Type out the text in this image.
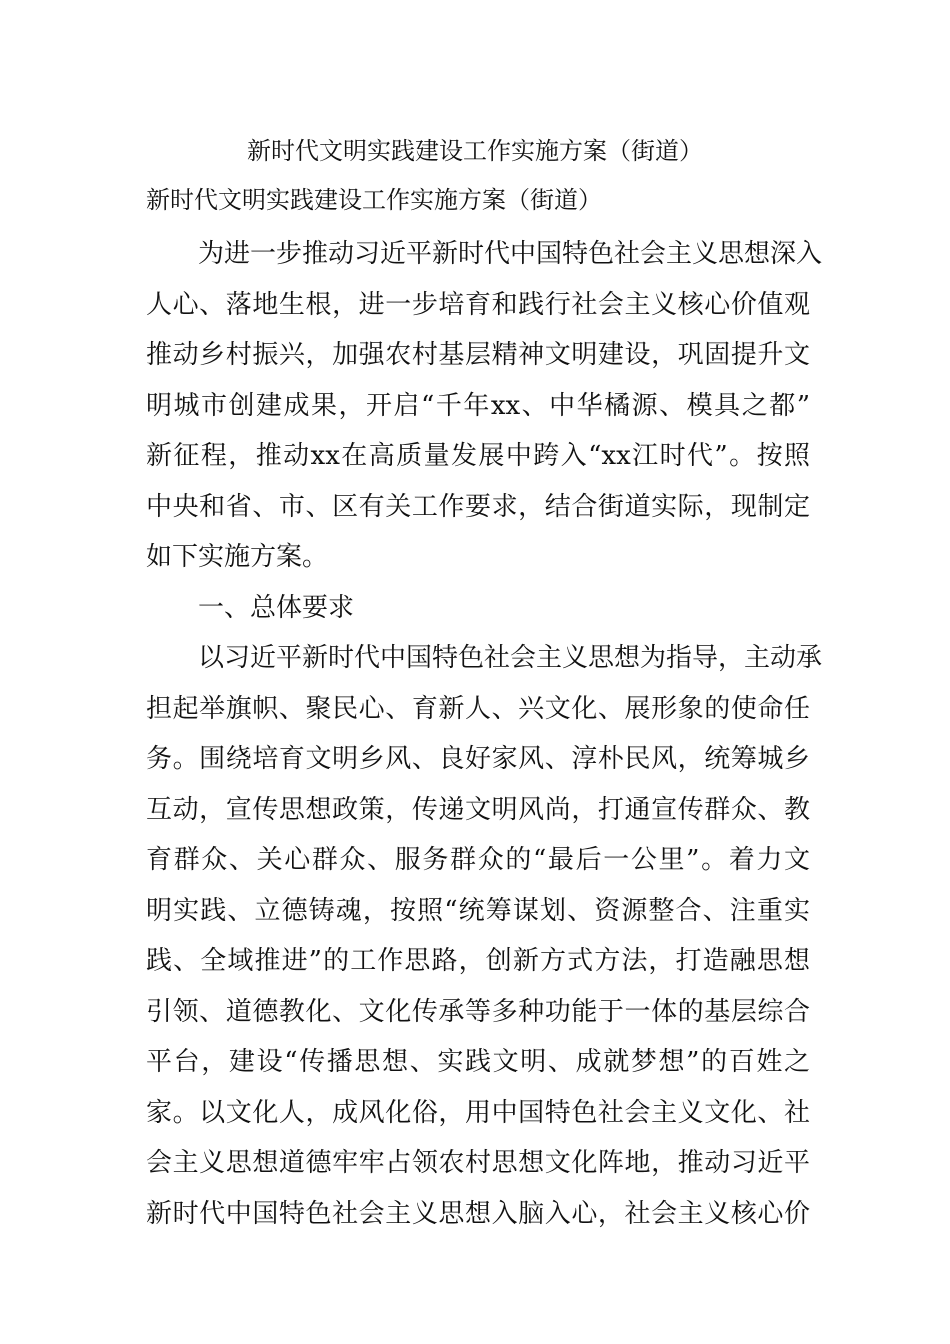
新时代文明实践建设工作实施方案（街道）
新时代文明实践建设工作实施方案（街道）
为进一步推动习近平新时代中国特色社会主义思想深入
人心、落地生根，进一步培育和践行社会主义核心价值观
推动乡村振兴，加强农村基层精神文明建设，巩固提升文
明城市创建成果，开启“千年xx、中华橘源、模具之都”
新征程，推动xx在高质量发展中跨入“xx江时代”。按照
中央和省、市、区有关工作要求，结合街道实际，现制定
如下实施方案。
一、总体要求
以习近平新时代中国特色社会主义思想为指导，主动承
担起举旗帜、聚民心、育新人、兴文化、展形象的使命任
务。围绕培育文明乡风、良好家风、淳朴民风，统筹城乡
互动，宣传思想政策，传递文明风尚，打通宣传群众、教
育群众、关心群众、服务群众的“最后一公里”。着力文
明实践、立德铸魂，按照“统筹谋划、资源整合、注重实
践、全域推进”的工作思路，创新方式方法，打造融思想
引领、道德教化、文化传承等多种功能于一体的基层综合
平台，建设“传播思想、实践文明、成就梦想”的百姓之
家。以文化人，成风化俗，用中国特色社会主义文化、社
会主义思想道德牢牢占领农村思想文化阵地，推动习近平
新时代中国特色社会主义思想入脑入心，社会主义核心价
